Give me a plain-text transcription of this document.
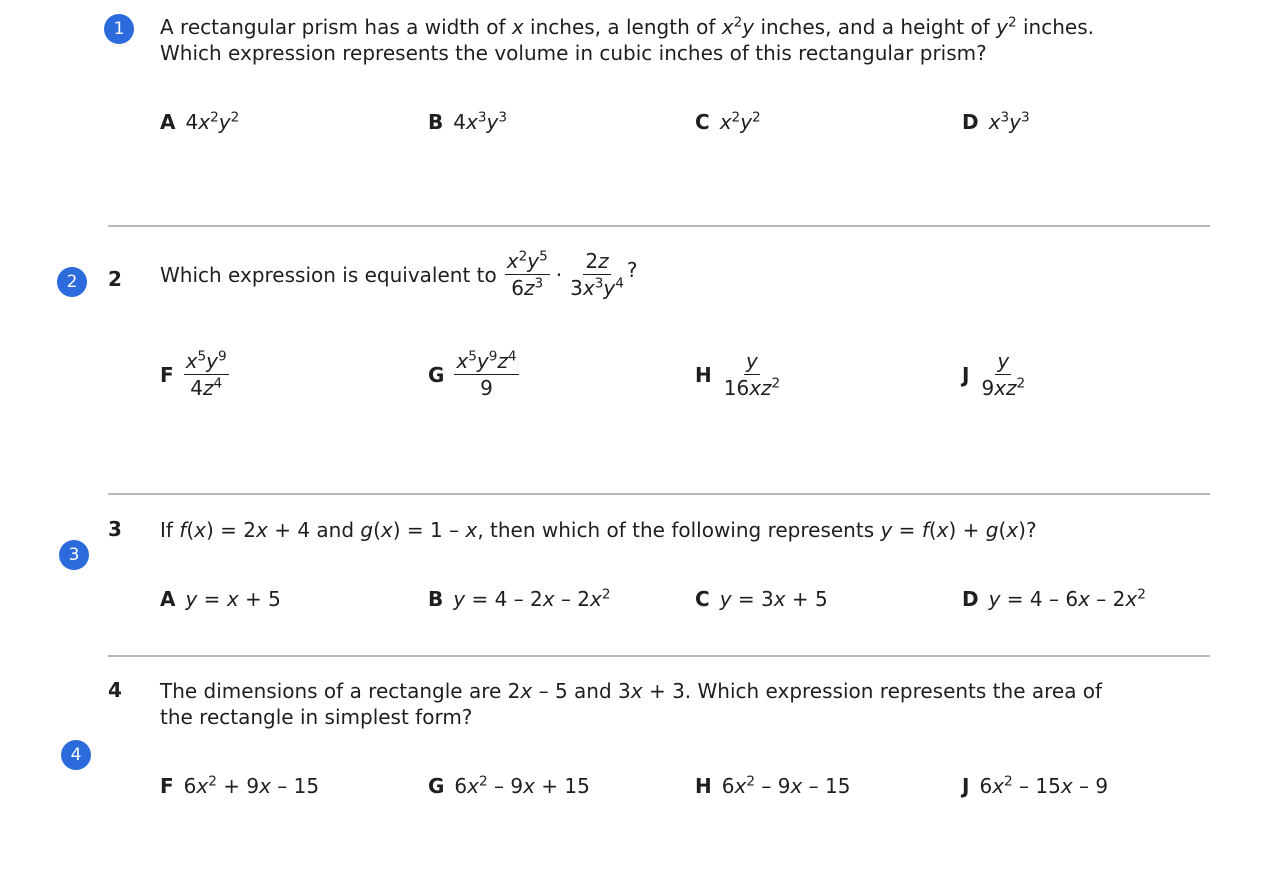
1
2
3
4
A rectangular prism has a width of x inches, a length of $x^2y$ inches, and a height of $y^2$ inches.
Which expression represents the volume in cubic inches of this rectangular prism?
A $4x^2y^2$	B $4x^3y^3$	C $x^2y^2$	D $x^3y^3$
2 Which expression is equivalent to $\frac{x^2y^5}{6z^3} \cdot \frac{2z}{3x^3y^4}$ ?
F $\frac{x^5y^9}{4z^4}$	G $\frac{x^5y^9z^4}{9}$	H $\frac{y}{16xz^2}$	J $\frac{y}{9xz^2}$
3 If f(x) = 2x + 4 and g(x) = 1 – x, then which of the following represents y = f(x) + g(x)?
A y = x + 5	B $y = 4 - 2x - 2x^2$	C y = 3x + 5	D $y = 4 - 6x - 2x^2$
4 The dimensions of a rectangle are 2x – 5 and 3x + 3. Which expression represents the area of
the rectangle in simplest form?
F $6x^2 + 9x - 15$	G $6x^2 - 9x + 15$	H $6x^2 - 9x - 15$	J $6x^2 - 15x - 9$
